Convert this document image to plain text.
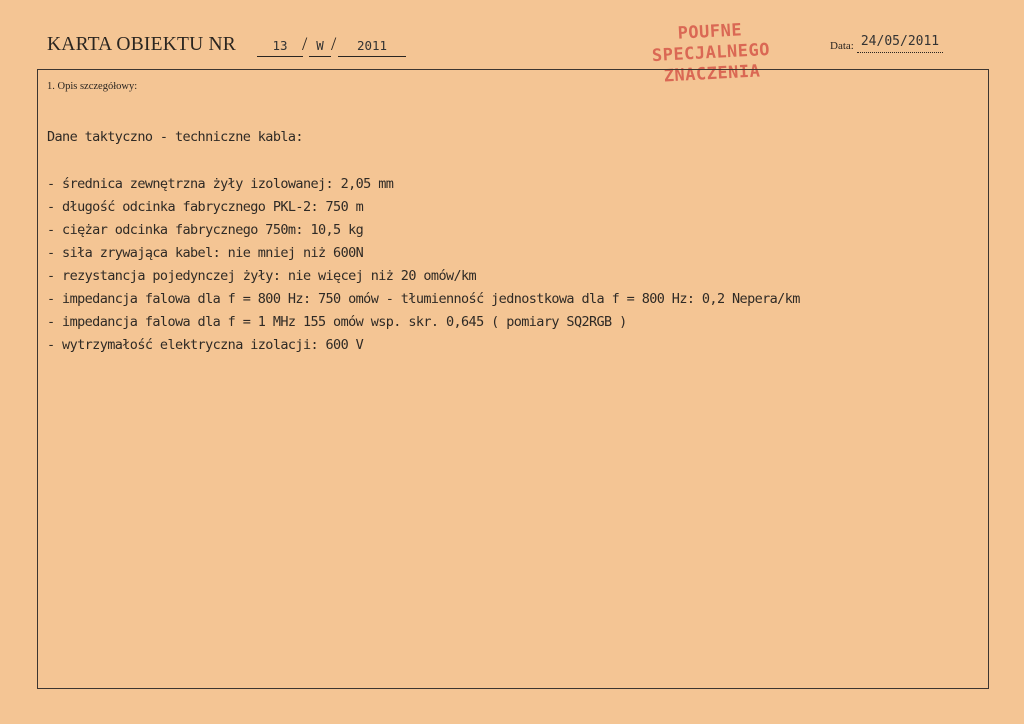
KARTA OBIEKTU NR	13 / W /	2011
POUFNE
SPECJALNEGO
ZNACZENIA
Data: 24/05/2011
1. Opis szczegółowy:
Dane taktyczno - techniczne kabla:
- średnica zewnętrzna żyły izolowanej: 2,05 mm
- długość odcinka fabrycznego PKL-2: 750 m
- ciężar odcinka fabrycznego 750m: 10,5 kg
- siła zrywająca kabel: nie mniej niż 600N
- rezystancja pojedynczej żyły: nie więcej niż 20 omów/km
- impedancja falowa dla f = 800 Hz: 750 omów - tłumienność jednostkowa dla f = 800 Hz: 0,2 Nepera/km
- impedancja falowa dla f = 1 MHz 155 omów wsp. skr. 0,645 ( pomiary SQ2RGB )
- wytrzymałość elektryczna izolacji: 600 V
